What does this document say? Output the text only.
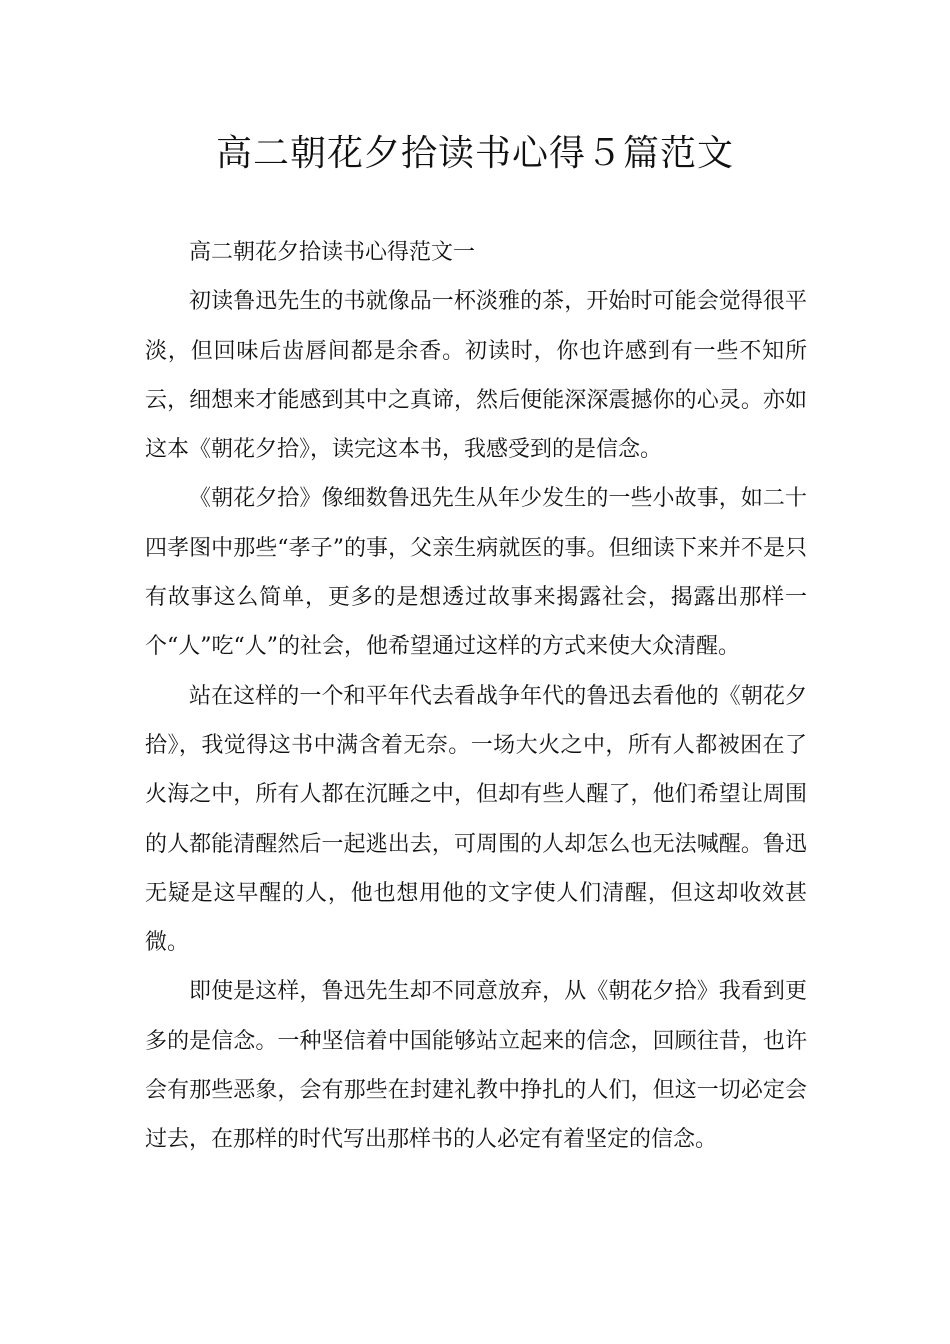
高二朝花夕拾读书心得５篇范文

高二朝花夕拾读书心得范文一

初读鲁迅先生的书就像品一杯淡雅的茶，开始时可能会觉得很平淡，但回味后齿唇间都是余香。初读时，你也许感到有一些不知所云，细想来才能感到其中之真谛，然后便能深深震撼你的心灵。亦如这本《朝花夕拾》，读完这本书，我感受到的是信念。

《朝花夕拾》像细数鲁迅先生从年少发生的一些小故事，如二十四孝图中那些“孝子”的事，父亲生病就医的事。但细读下来并不是只有故事这么简单，更多的是想透过故事来揭露社会，揭露出那样一个“人”吃“人”的社会，他希望通过这样的方式来使大众清醒。

站在这样的一个和平年代去看战争年代的鲁迅去看他的《朝花夕拾》，我觉得这书中满含着无奈。一场大火之中，所有人都被困在了火海之中，所有人都在沉睡之中，但却有些人醒了，他们希望让周围的人都能清醒然后一起逃出去，可周围的人却怎么也无法喊醒。鲁迅无疑是这早醒的人，他也想用他的文字使人们清醒，但这却收效甚微。

即使是这样，鲁迅先生却不同意放弃，从《朝花夕拾》我看到更多的是信念。一种坚信着中国能够站立起来的信念，回顾往昔，也许会有那些恶象，会有那些在封建礼教中挣扎的人们，但这一切必定会过去，在那样的时代写出那样书的人必定有着坚定的信念。
